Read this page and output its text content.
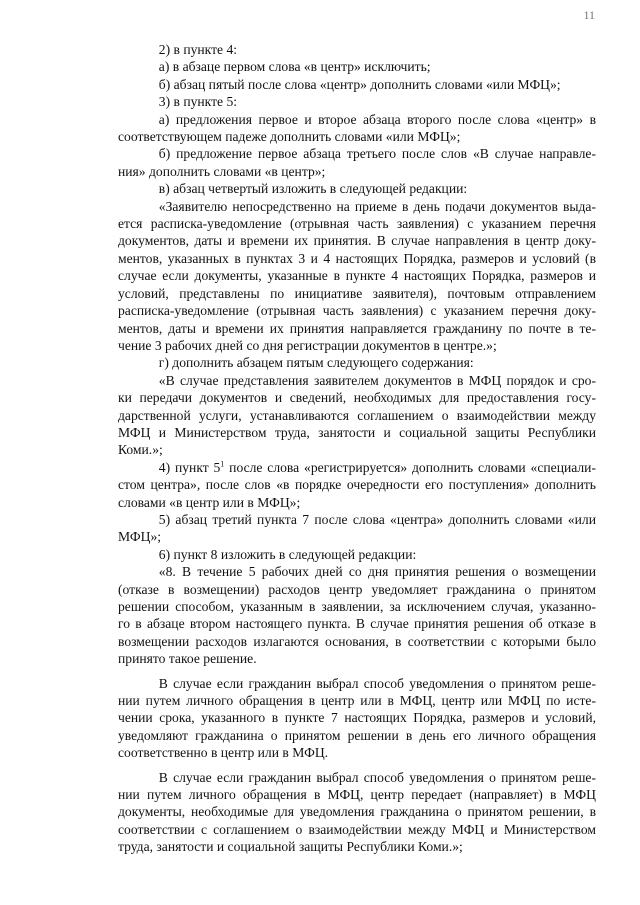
11

2) в пункте 4:

а) в абзаце первом слова «в центр» исключить;

б) абзац пятый после слова «центр» дополнить словами «или МФЦ»;

3) в пункте 5:

а) предложения первое и второе абзаца второго после слова «центр» в

соответствующем падеже дополнить словами «или МФЦ»;

б) предложение первое абзаца третьего после слов «В случае направле-

ния» дополнить словами «в центр»;

в) абзац четвертый изложить в следующей редакции:

«Заявителю непосредственно на приеме в день подачи документов выда-

ется расписка-уведомление (отрывная часть заявления) с указанием перечня

документов, даты и времени их принятия. В случае направления в центр доку-

ментов, указанных в пунктах 3 и 4 настоящих Порядка, размеров и условий (в

случае если документы, указанные в пункте 4 настоящих Порядка, размеров и

условий, представлены по инициативе заявителя), почтовым отправлением

расписка-уведомление (отрывная часть заявления) с указанием перечня доку-

ментов, даты и времени их принятия направляется гражданину по почте в те-

чение 3 рабочих дней со дня регистрации документов в центре.»;

г) дополнить абзацем пятым следующего содержания:

«В случае представления заявителем документов в МФЦ порядок и сро-

ки передачи документов и сведений, необходимых для предоставления госу-

дарственной услуги, устанавливаются соглашением о взаимодействии между

МФЦ и Министерством труда, занятости и социальной защиты Республики

Коми.»;

4) пункт $5^1$ после слова «регистрируется» дополнить словами «специали-

стом центра», после слов «в порядке очередности его поступления» дополнить

словами «в центр или в МФЦ»;

5) абзац третий пункта 7 после слова «центра» дополнить словами «или

МФЦ»;

6) пункт 8 изложить в следующей редакции:

«8. В течение 5 рабочих дней со дня принятия решения о возмещении

(отказе в возмещении) расходов центр уведомляет гражданина о принятом

решении способом, указанным в заявлении, за исключением случая, указанно-

го в абзаце втором настоящего пункта. В случае принятия решения об отказе в

возмещении расходов излагаются основания, в соответствии с которыми было

принято такое решение.

В случае если гражданин выбрал способ уведомления о принятом реше-

нии путем личного обращения в центр или в МФЦ, центр или МФЦ по исте-

чении срока, указанного в пункте 7 настоящих Порядка, размеров и условий,

уведомляют гражданина о принятом решении в день его личного обращения

соответственно в центр или в МФЦ.

В случае если гражданин выбрал способ уведомления о принятом реше-

нии путем личного обращения в МФЦ, центр передает (направляет) в МФЦ

документы, необходимые для уведомления гражданина о принятом решении, в

соответствии с соглашением о взаимодействии между МФЦ и Министерством

труда, занятости и социальной защиты Республики Коми.»;
